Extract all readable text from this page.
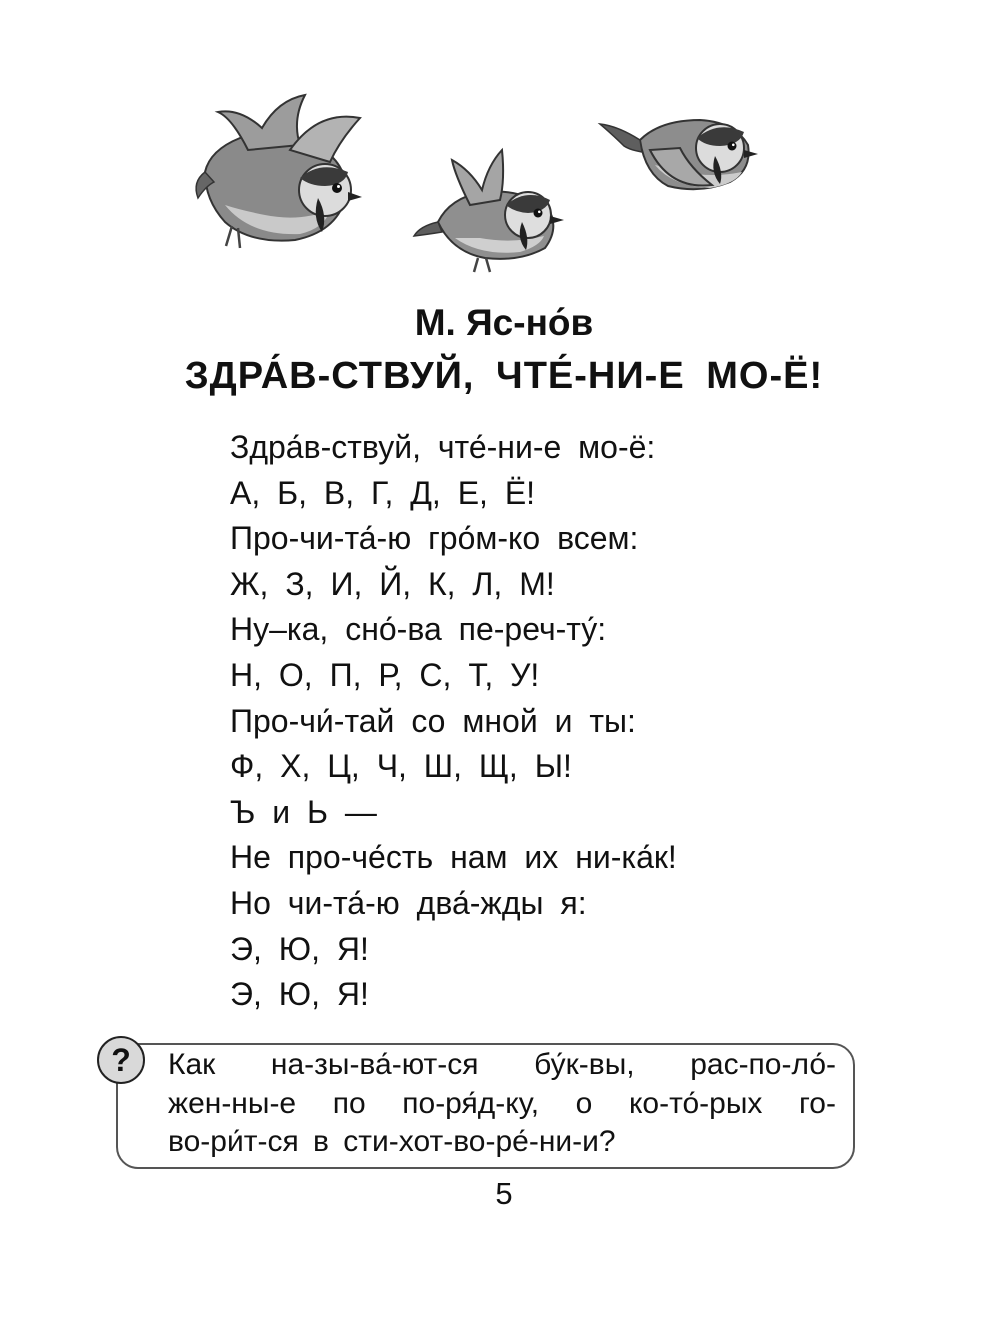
М. Яс-но́в
ЗДРА́В-СТВУЙ, ЧТЕ́-НИ-Е МО-Ё!
Здра́в-ствуй, чте́-ни-е мо-ё:
А, Б, В, Г, Д, Е, Ё!
Про-чи-та́-ю гро́м-ко всем:
Ж, З, И, Й, К, Л, М!
Ну–ка, сно́-ва пе-реч-ту́:
Н, О, П, Р, С, Т, У!
Про-чи́-тай со мной и ты:
Ф, Х, Ц, Ч, Ш, Щ, Ы!
Ъ и Ь —
Не про-че́сть нам их ни-ка́к!
Но чи-та́-ю два́-жды я:
Э, Ю, Я!
Э, Ю, Я!
?	Как на-зы-ва́-ют-ся бу́к-вы, рас-по-ло́-
жен-ны-е по по-ря́д-ку, о ко-то́-рых го-
во-ри́т-ся в сти-хот-во-ре́-ни-и?
5
